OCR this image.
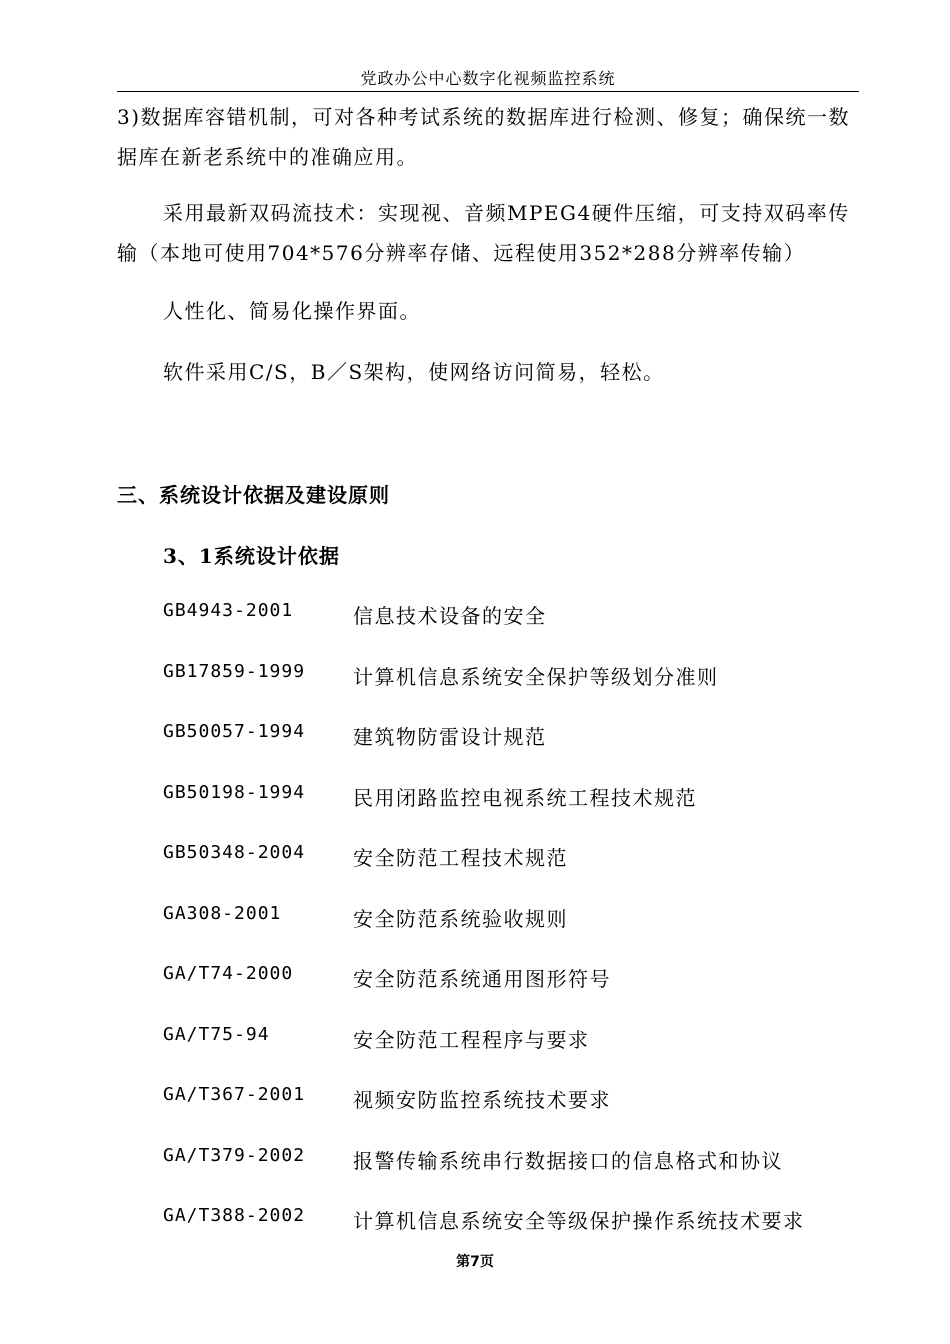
党政办公中心数字化视频监控系统

3)数据库容错机制，可对各种考试系统的数据库进行检测、修复；确保统一数据库在新老系统中的准确应用。

采用最新双码流技术：实现视、音频MPEG4硬件压缩，可支持双码率传输（本地可使用704*576分辨率存储、远程使用352*288分辨率传输）

人性化、简易化操作界面。

软件采用C/S，B／S架构，使网络访问简易，轻松。

三、系统设计依据及建设原则
3、1系统设计依据
GB4943-2001	信息技术设备的安全
GB17859-1999 计算机信息系统安全保护等级划分准则
GB50057-1994 建筑物防雷设计规范
GB50198-1994 民用闭路监控电视系统工程技术规范
GB50348-2004 安全防范工程技术规范
GA308-2001	安全防范系统验收规则
GA/T74-2000	安全防范系统通用图形符号
GA/T75-94	安全防范工程程序与要求
GA/T367-2001 视频安防监控系统技术要求
GA/T379-2002 报警传输系统串行数据接口的信息格式和协议
GA/T388-2002 计算机信息系统安全等级保护操作系统技术要求
第7页
